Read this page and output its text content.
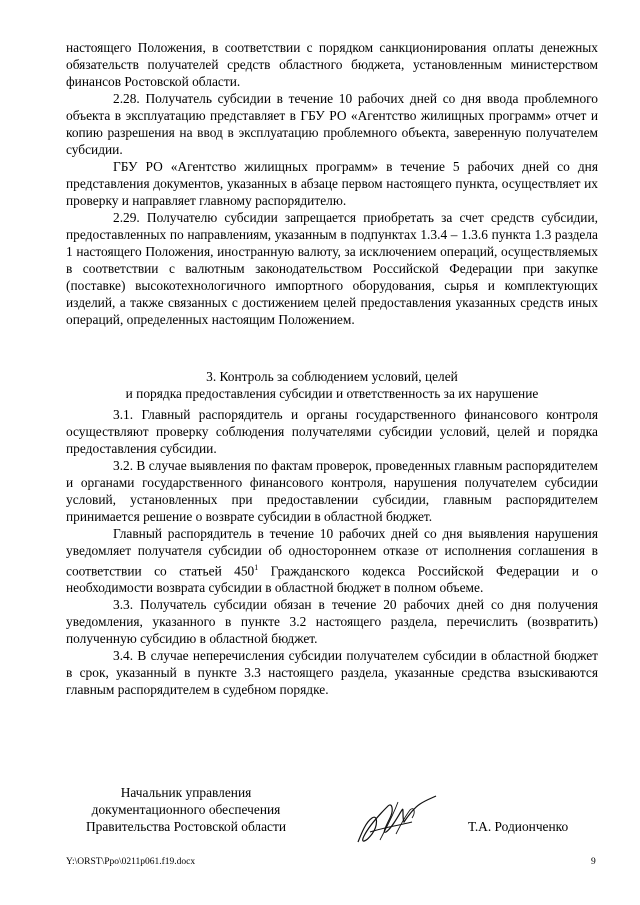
настоящего Положения, в соответствии с порядком санкционирования оплаты денежных обязательств получателей средств областного бюджета, установленным министерством финансов Ростовской области.

2.28. Получатель субсидии в течение 10 рабочих дней со дня ввода проблемного объекта в эксплуатацию представляет в ГБУ РО «Агентство жилищных программ» отчет и копию разрешения на ввод в эксплуатацию проблемного объекта, заверенную получателем субсидии.

ГБУ РО «Агентство жилищных программ» в течение 5 рабочих дней со дня представления документов, указанных в абзаце первом настоящего пункта, осуществляет их проверку и направляет главному распорядителю.

2.29. Получателю субсидии запрещается приобретать за счет средств субсидии, предоставленных по направлениям, указанным в подпунктах 1.3.4 – 1.3.6 пункта 1.3 раздела 1 настоящего Положения, иностранную валюту, за исключением операций, осуществляемых в соответствии с валютным законодательством Российской Федерации при закупке (поставке) высокотехнологичного импортного оборудования, сырья и комплектующих изделий, а также связанных с достижением целей предоставления указанных средств иных операций, определенных настоящим Положением.

3. Контроль за соблюдением условий, целей

и порядка предоставления субсидии и ответственность за их нарушение

3.1. Главный распорядитель и органы государственного финансового контроля осуществляют проверку соблюдения получателями субсидии условий, целей и порядка предоставления субсидии.

3.2. В случае выявления по фактам проверок, проведенных главным распорядителем и органами государственного финансового контроля, нарушения получателем субсидии условий, установленных при предоставлении субсидии, главным распорядителем принимается решение о возврате субсидии в областной бюджет.

Главный распорядитель в течение 10 рабочих дней со дня выявления нарушения уведомляет получателя субсидии об одностороннем отказе от исполнения соглашения в соответствии со статьей $450^1$ Гражданского кодекса Российской Федерации и о необходимости возврата субсидии в областной бюджет в полном объеме.

3.3. Получатель субсидии обязан в течение 20 рабочих дней со дня получения уведомления, указанного в пункте 3.2 настоящего раздела, перечислить (возвратить) полученную субсидию в областной бюджет.

3.4. В случае неперечисления субсидии получателем субсидии в областной бюджет в срок, указанный в пункте 3.3 настоящего раздела, указанные средства взыскиваются главным распорядителем в судебном порядке.

Начальник управления
документационного обеспечения
Правительства Ростовской области	Т.А. Родионченко
Y:\ORST\Ppo\0211p061.f19.docx	9
